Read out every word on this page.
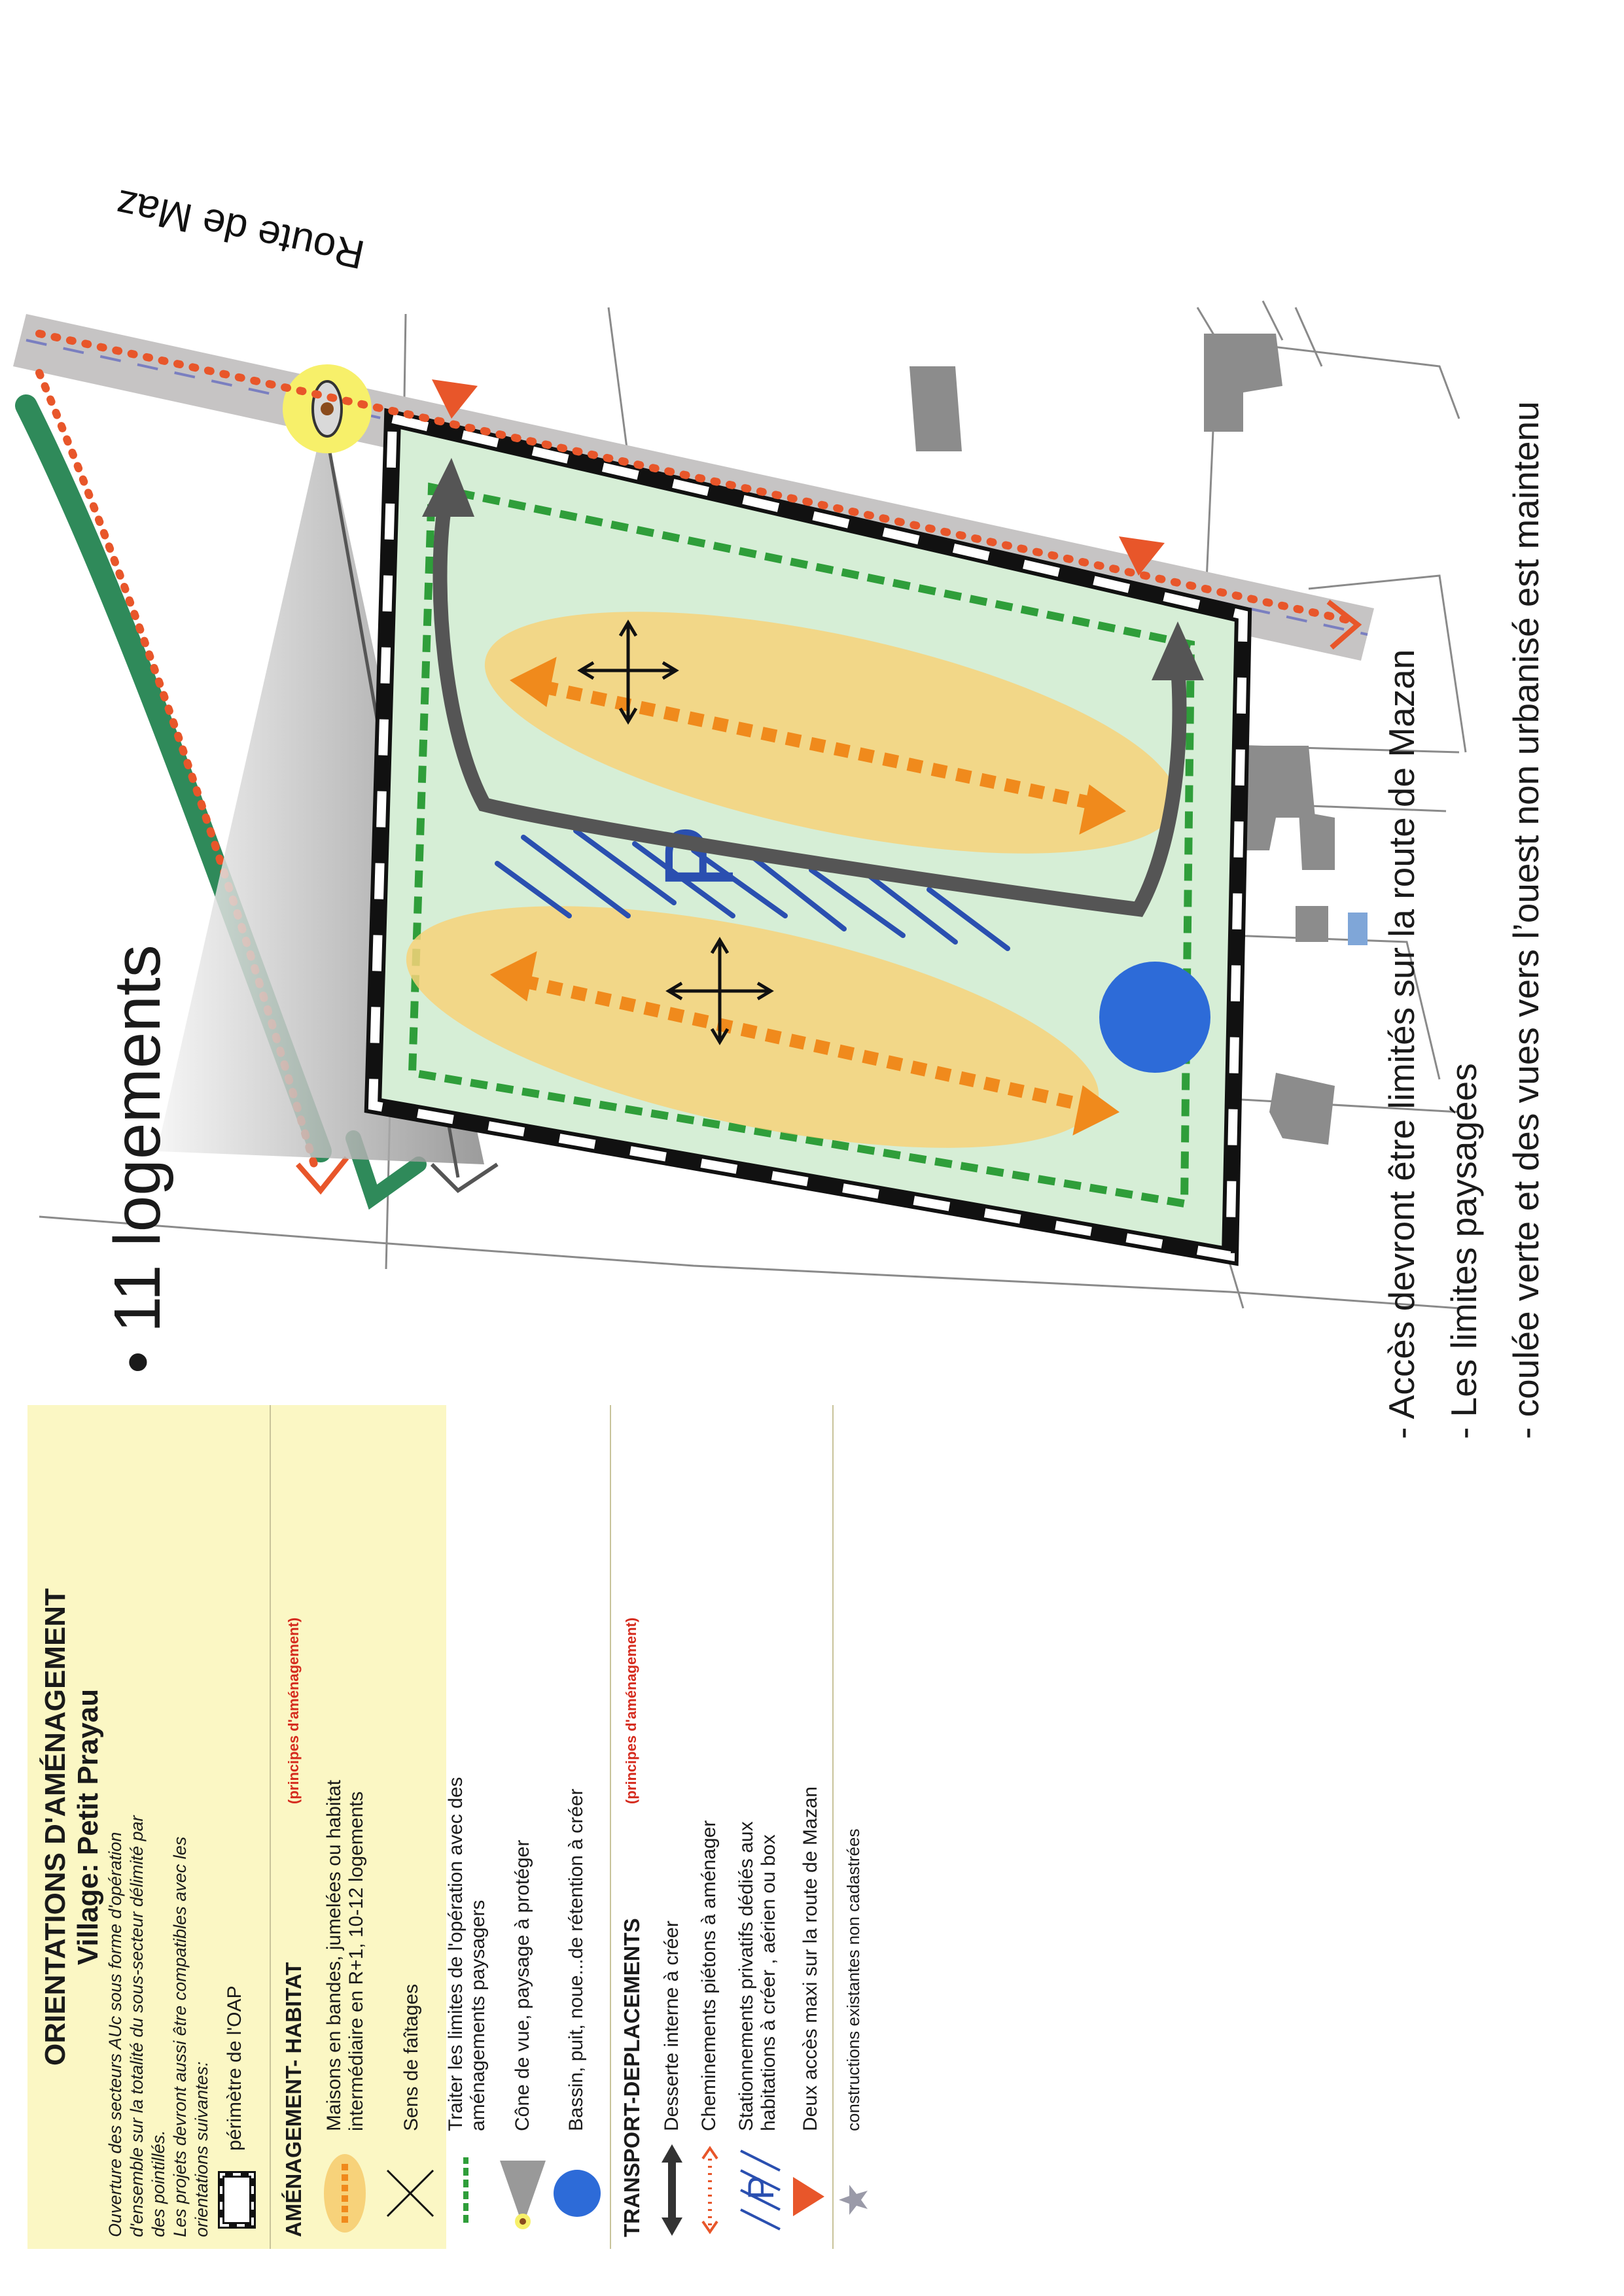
P
Route de Maz
• 11 logements	- Accès devront être limités sur la route de Mazan - Les limites paysagées - coulée verte et des vues vers l’ouest non urbanisé est maintenu
ORIENTATIONS D'AMÉNAGEMENT Village: Petit Prayau
Ouverture des secteurs AUc sous forme d'opération d'ensemble sur la totalité du sous-secteur délimité par des pointillés. Les projets devront aussi être compatibles avec les orientations suivantes: périmètre de l'OAP AMÉNAGEMENT- HABITAT
(principes d'aménagement)
Maisons en bandes, jumelées ou habitat intermédiaire en R+1, 10-12 logements Sens de faîtages Traiter les limites de l'opération avec des aménagements paysagers Cône de vue, paysage à protéger Bassin, puit, noue...de rétention à créer TRANSPORT-DEPLACEMENTS
(principes d'aménagement)
Desserte interne à créer Cheminements piétons à aménager
P
Stationnements privatifs dédiés aux habitations à créer , aérien ou box Deux accès maxi sur la route de Mazan constructions existantes non cadastrées
